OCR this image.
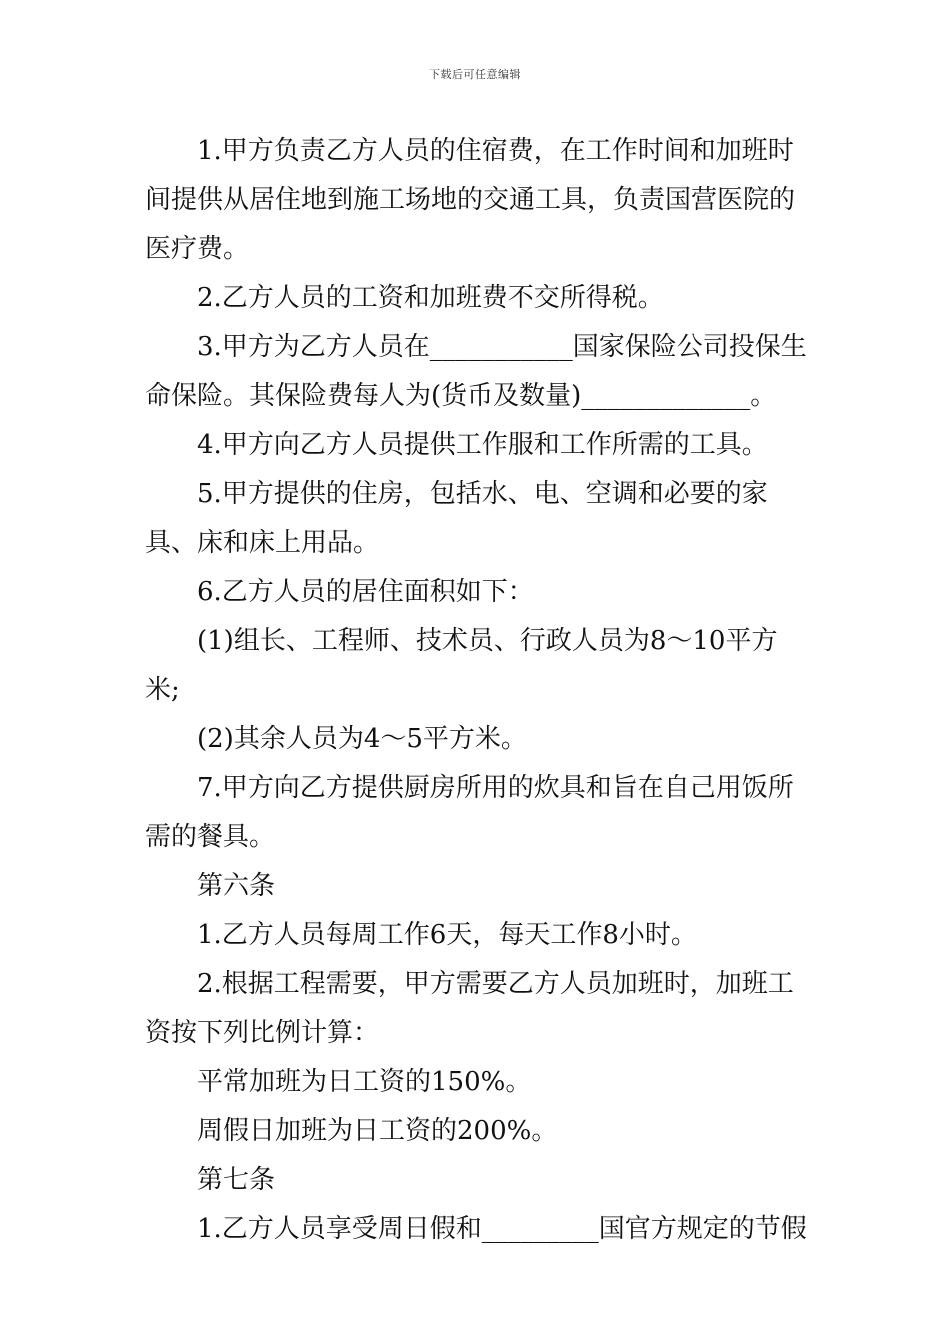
下载后可任意编辑

1.甲方负责乙方人员的住宿费，在工作时间和加班时间提供从居住地到施工场地的交通工具，负责国营医院的医疗费。

2.乙方人员的工资和加班费不交所得税。

3.甲方为乙方人员在___________国家保险公司投保生命保险。其保险费每人为(货币及数量)_____________。

4.甲方向乙方人员提供工作服和工作所需的工具。

5.甲方提供的住房，包括水、电、空调和必要的家具、床和床上用品。

6.乙方人员的居住面积如下：

(1)组长、工程师、技术员、行政人员为8～10平方米;

(2)其余人员为4～5平方米。

7.甲方向乙方提供厨房所用的炊具和旨在自己用饭所需的餐具。

第六条

1.乙方人员每周工作6天，每天工作8小时。

2.根据工程需要，甲方需要乙方人员加班时，加班工资按下列比例计算：

平常加班为日工资的150%。

周假日加班为日工资的200%。

第七条

1.乙方人员享受周日假和_________国官方规定的节假
